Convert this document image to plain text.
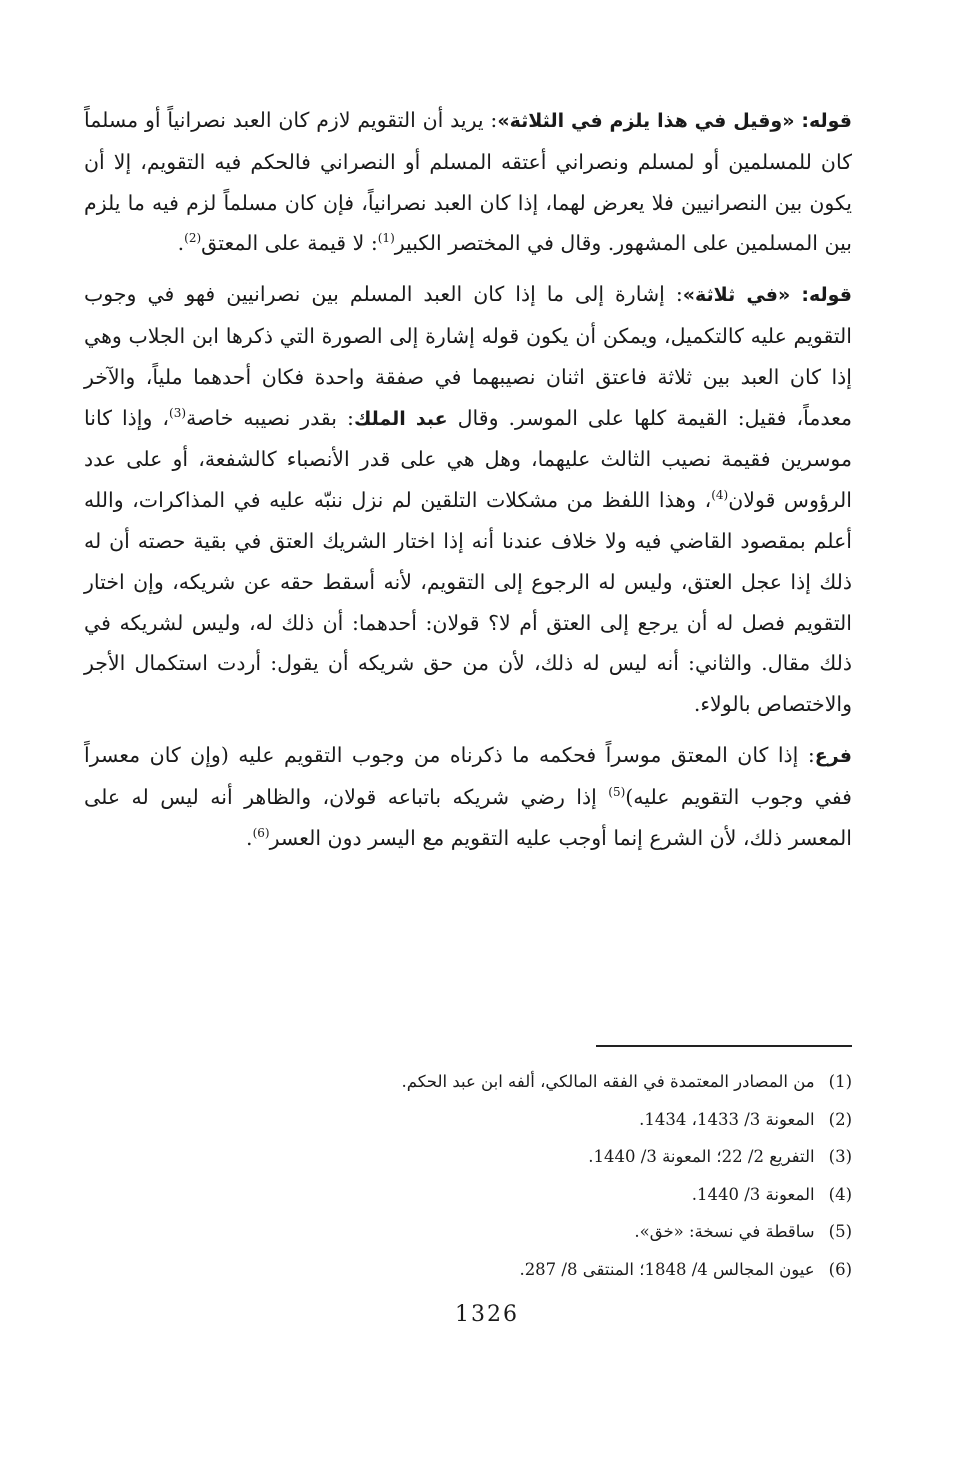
قوله: «وقيل في هذا يلزم في الثلاثة»: يريد أن التقويم لازم كان العبد نصرانياً أو مسلماً كان للمسلمين أو لمسلم ونصراني أعتقه المسلم أو النصراني فالحكم فيه التقويم، إلا أن يكون بين النصرانيين فلا يعرض لهما، إذا كان العبد نصرانياً، فإن كان مسلماً لزم فيه ما يلزم بين المسلمين على المشهور. وقال في المختصر الكبير$^{(1)}$: لا قيمة على المعتق$^{(2)}$.

قوله: «في ثلاثة»: إشارة إلى ما إذا كان العبد المسلم بين نصرانيين فهو في وجوب التقويم عليه كالتكميل، ويمكن أن يكون قوله إشارة إلى الصورة التي ذكرها ابن الجلاب وهي إذا كان العبد بين ثلاثة فاعتق اثنان نصيبهما في صفقة واحدة فكان أحدهما ملياً، والآخر معدماً، فقيل: القيمة كلها على الموسر. وقال عبد الملك: بقدر نصيبه خاصة$^{(3)}$، وإذا كانا موسرين فقيمة نصيب الثالث عليهما، وهل هي على قدر الأنصباء كالشفعة، أو على عدد الرؤوس قولان$^{(4)}$، وهذا اللفظ من مشكلات التلقين لم نزل ننبّه عليه في المذاكرات، والله أعلم بمقصود القاضي فيه ولا خلاف عندنا أنه إذا اختار الشريك العتق في بقية حصته أن له ذلك إذا عجل العتق، وليس له الرجوع إلى التقويم، لأنه أسقط حقه عن شريكه، وإن اختار التقويم فصل له أن يرجع إلى العتق أم لا؟ قولان: أحدهما: أن ذلك له، وليس لشريكه في ذلك مقال. والثاني: أنه ليس له ذلك، لأن من حق شريكه أن يقول: أردت استكمال الأجر والاختصاص بالولاء.

فرع: إذا كان المعتق موسراً فحكمه ما ذكرناه من وجوب التقويم عليه (وإن كان معسراً ففي وجوب التقويم عليه)$^{(5)}$ إذا رضي شريكه باتباعه قولان، والظاهر أنه ليس له على المعسر ذلك، لأن الشرع إنما أوجب عليه التقويم مع اليسر دون العسر$^{(6)}$.

(1)من المصادر المعتمدة في الفقه المالكي، ألفه ابن عبد الحكم.
(2)المعونة 3/ 1433، 1434.
(3)التفريع 2/ 22؛ المعونة 3/ 1440.
(4)المعونة 3/ 1440.
(5)ساقطة في نسخة: «خق».
(6)عيون المجالس 4/ 1848؛ المنتقى 8/ 287.
1326
